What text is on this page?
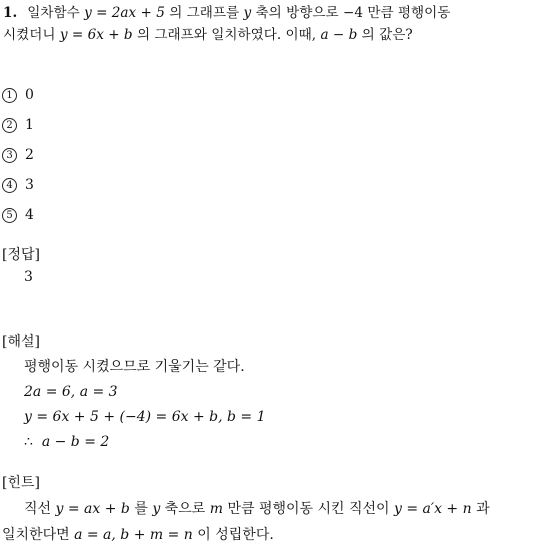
1. 일차함수 y = 2ax + 5 의 그래프를 y 축의 방향으로 −4 만큼 평행이동
시켰더니 y = 6x + b 의 그래프와 일치하였다. 이때, a − b 의 값은?
1 0
2 1
3 2
4 3
5 4
[정답]
3
[해설]
평행이동 시켰으므로 기울기는 같다.
2a = 6, a = 3
y = 6x + 5 + (−4) = 6x + b, b = 1
∴ a − b = 2
[힌트]
직선 y = ax + b 를 y 축으로 m 만큼 평행이동 시킨 직선이 y = a′x + n 과
일치한다면 a = a, b + m = n 이 성립한다.
